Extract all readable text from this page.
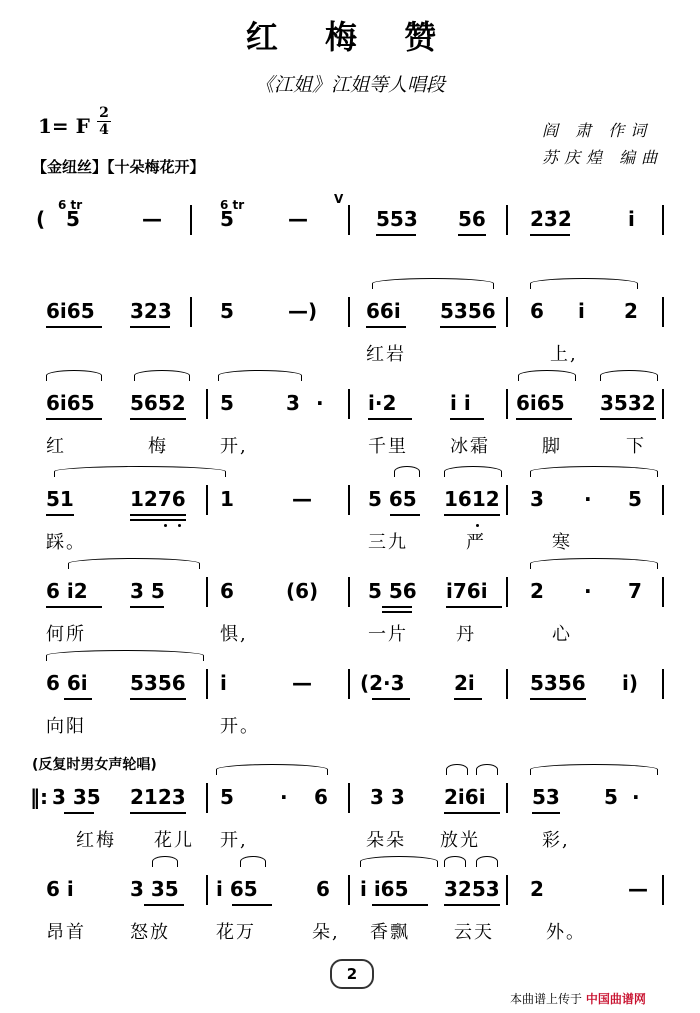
红 梅 赞
《江姐》江姐等人唱段
1= F
2
4	阎 肃 作词
苏庆煌 编曲
【金纽丝】【十朵梅花开】
6 tr	6 tr	V
( 5	—	5	—	553 56 2̇3̇2̇	i
6i65 323 5	—) 66i 5356 6 i 2
红岩	上,
6i65 5652 5	3 · i·2	i i 6i65 3532
红	梅	开,	千里 冰霜	脚	下
51	1276 1	—	5 65 1612 3 · 5
踩。	三九	严	寒
6 i2 3 5	6	(6) 5 56 i76i 2 · 7
何所	惧,	一片	丹	心
6 6i 5356 i	— (2·3 2i	5356 i)
向阳	开。
(反复时男女声轮唱)
‖: 3 35 2123 5 · 6 3 3 2i6i 53 5 ·
红梅 花儿 开,	朵朵 放光	彩,
6 i	3 35 i 65	6 i i65 3253 2	—
昂首 怒放	花万	朵, 香飘 云天	外。
2
本曲谱上传于 中国曲谱网
